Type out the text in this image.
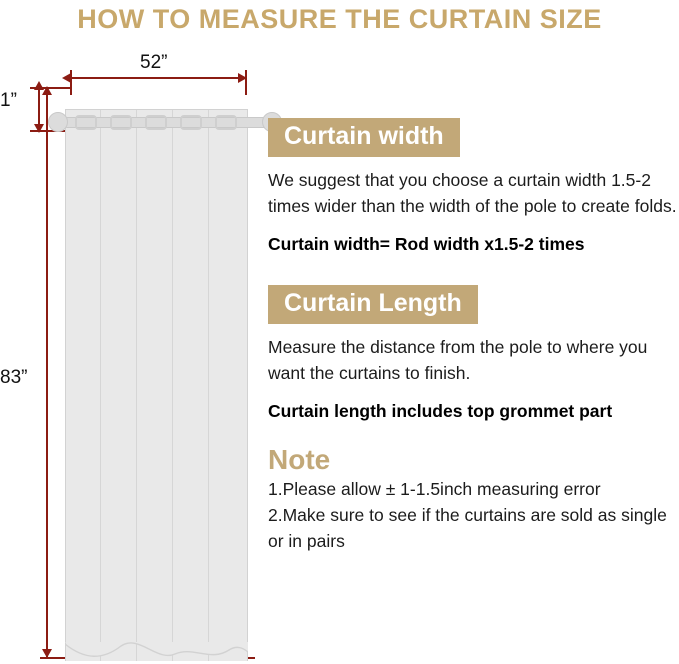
HOW TO MEASURE THE CURTAIN SIZE
52”
1”
83”
Curtain width
We suggest that you choose a curtain width 1.5-2 times wider than the width of the pole to create folds.
Curtain width= Rod width x1.5-2 times
Curtain Length
Measure the distance from the pole to where you want the curtains to finish.
Curtain length includes top grommet part
Note
1.Please allow ± 1-1.5inch measuring error
2.Make sure to see if the curtains are sold as single or in pairs
